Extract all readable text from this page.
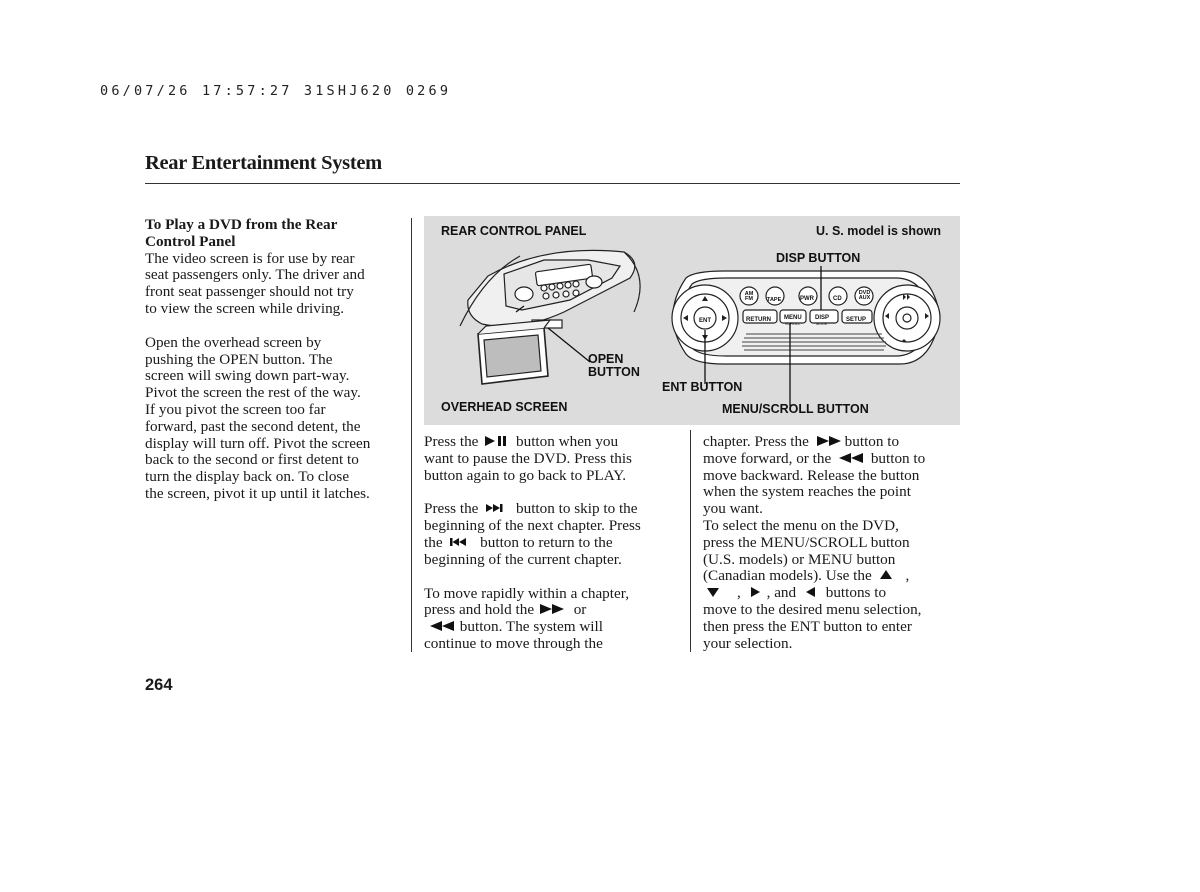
06/07/26 17:57:27 31SHJ620 0269
Rear Entertainment System

To Play a DVD from the Rear

Control Panel

The video screen is for use by rear

seat passengers only. The driver and

front seat passenger should not try

to view the screen while driving.

Open the overhead screen by

pushing the OPEN button. The

screen will swing down part-way.

Pivot the screen the rest of the way.

If you pivot the screen too far

forward, past the second detent, the

display will turn off. Pivot the screen

back to the second or first detent to

turn the display back on. To close

the screen, pivot it up until it latches.

AM FM	TAPE	PWR	CD
DVD AUX
RETURN MENU
SCROLL
DISP
MODE
SETUP
ENT
REAR CONTROL PANEL	U. S. model is shown
DISP BUTTON
OPEN
BUTTON
ENT BUTTON
OVERHEAD SCREEN	MENU/SCROLL BUTTON

Press the button when you

want to pause the DVD. Press this

button again to go back to PLAY.

Press the button to skip to the

beginning of the next chapter. Press

the button to return to the

beginning of the current chapter.

To move rapidly within a chapter,

press and hold the	or

button. The system will

continue to move through the

chapter. Press the button to

move forward, or the	button to

move backward. Release the button

when the system reaches the point

you want.

To select the menu on the DVD,

press the MENU/SCROLL button

(U.S. models) or MENU button

(Canadian models). Use the ,

, , and buttons to

move to the desired menu selection,

then press the ENT button to enter

your selection.

264
